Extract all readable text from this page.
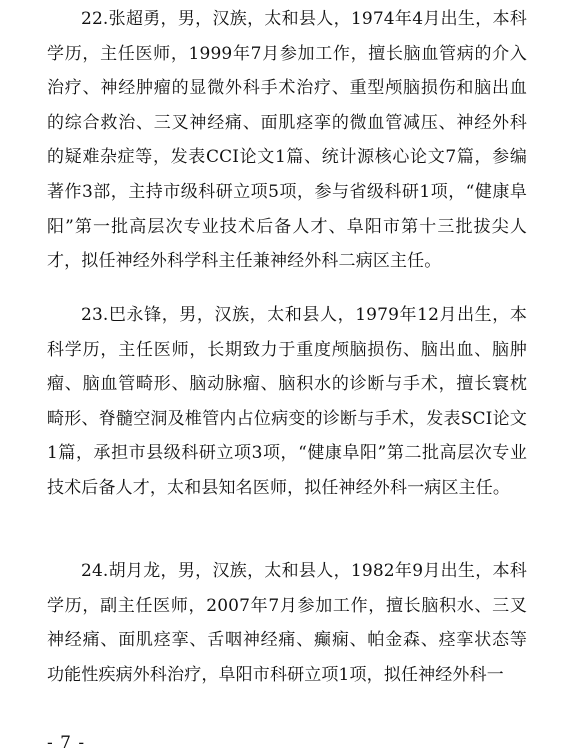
22.张超勇，男，汉族，太和县人，1974年4月出生，本科学历，主任医师，1999年7月参加工作，擅长脑血管病的介入治疗、神经肿瘤的显微外科手术治疗、重型颅脑损伤和脑出血的综合救治、三叉神经痛、面肌痉挛的微血管减压、神经外科的疑难杂症等，发表CCI论文1篇、统计源核心论文7篇，参编著作3部，主持市级科研立项5项，参与省级科研1项，“健康阜阳”第一批高层次专业技术后备人才、阜阳市第十三批拔尖人才，拟任神经外科学科主任兼神经外科二病区主任。

23.巴永锋，男，汉族，太和县人，1979年12月出生，本科学历，主任医师，长期致力于重度颅脑损伤、脑出血、脑肿瘤、脑血管畸形、脑动脉瘤、脑积水的诊断与手术，擅长寰枕畸形、脊髓空洞及椎管内占位病变的诊断与手术，发表SCI论文1篇，承担市县级科研立项3项，“健康阜阳”第二批高层次专业技术后备人才，太和县知名医师，拟任神经外科一病区主任。

24.胡月龙，男，汉族，太和县人，1982年9月出生，本科学历，副主任医师，2007年7月参加工作，擅长脑积水、三叉神经痛、面肌痉挛、舌咽神经痛、癫痫、帕金森、痉挛状态等功能性疾病外科治疗，阜阳市科研立项1项，拟任神经外科一

- 7 -
